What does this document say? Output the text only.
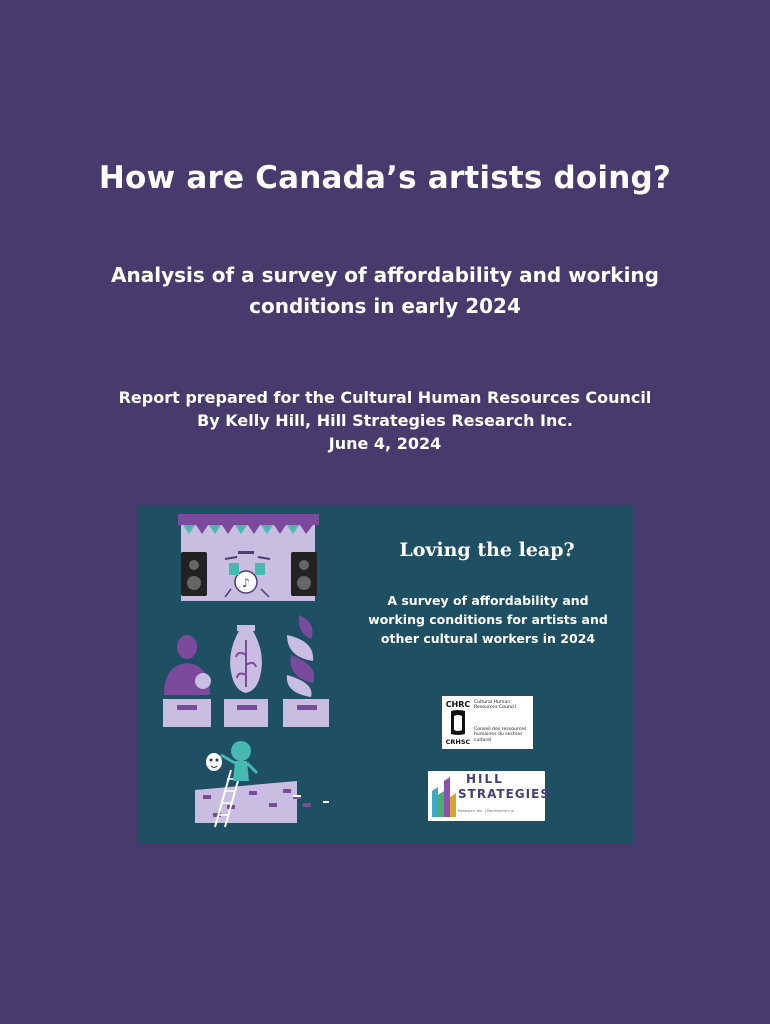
How are Canada’s artists doing?
Analysis of a survey of affordability and working conditions in early 2024
Report prepared for the Cultural Human Resources Council
By Kelly Hill, Hill Strategies Research Inc.
June 4, 2024
♪
Loving the leap?
A survey of affordability and working conditions for artists and other cultural workers in 2024
CHRC
CRHSC
Cultural Human Resources Council
Conseil des ressources humaines du secteur culturel
HILL
STRATEGIES
Research Inc. | Recherche inc.
